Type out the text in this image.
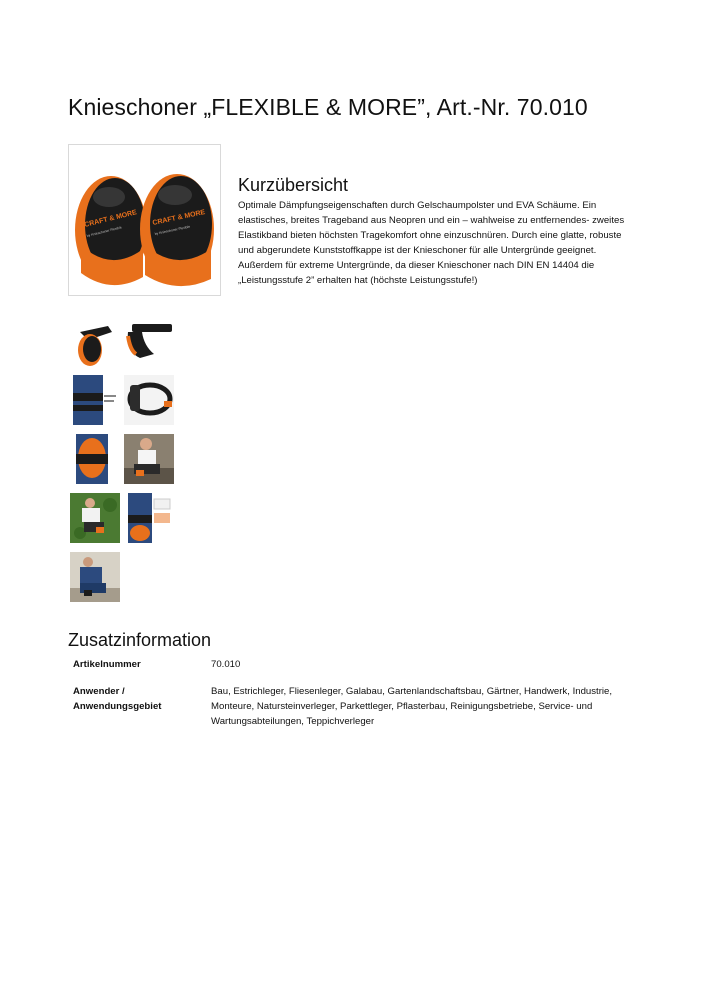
Knieschoner „FLEXIBLE & MORE”, Art.-Nr. 70.010
CRAFT & MORE CRAFT & MORE
by Knieschoner Flexible	by Knieschoner Flexible
Kurzübersicht

Optimale Dämpfungseigenschaften durch Gelschaumpolster und EVA Schäume. Ein elastisches, breites Trageband aus Neopren und ein – wahlweise zu entfernendes- zweites Elastikband bieten höchsten Tragekomfort ohne einzuschnüren. Durch eine glatte, robuste und abgerundete Kunststoffkappe ist der Knieschoner für alle Untergründe geeignet. Außerdem für extreme Untergründe, da dieser Knieschoner nach DIN EN 14404 die „Leistungsstufe 2” erhalten hat (höchste Leistungsstufe!)

Zusatzinformation
Artikelnummer	70.010

Anwender / Anwendungsgebiet	Bau, Estrichleger, Fliesenleger, Galabau, Gartenlandschaftsbau, Gärtner, Handwerk, Industrie, Monteure, Natursteinverleger, Parkettleger, Pflasterbau, Reinigungsbetriebe, Service- und Wartungsabteilungen, Teppichverleger
